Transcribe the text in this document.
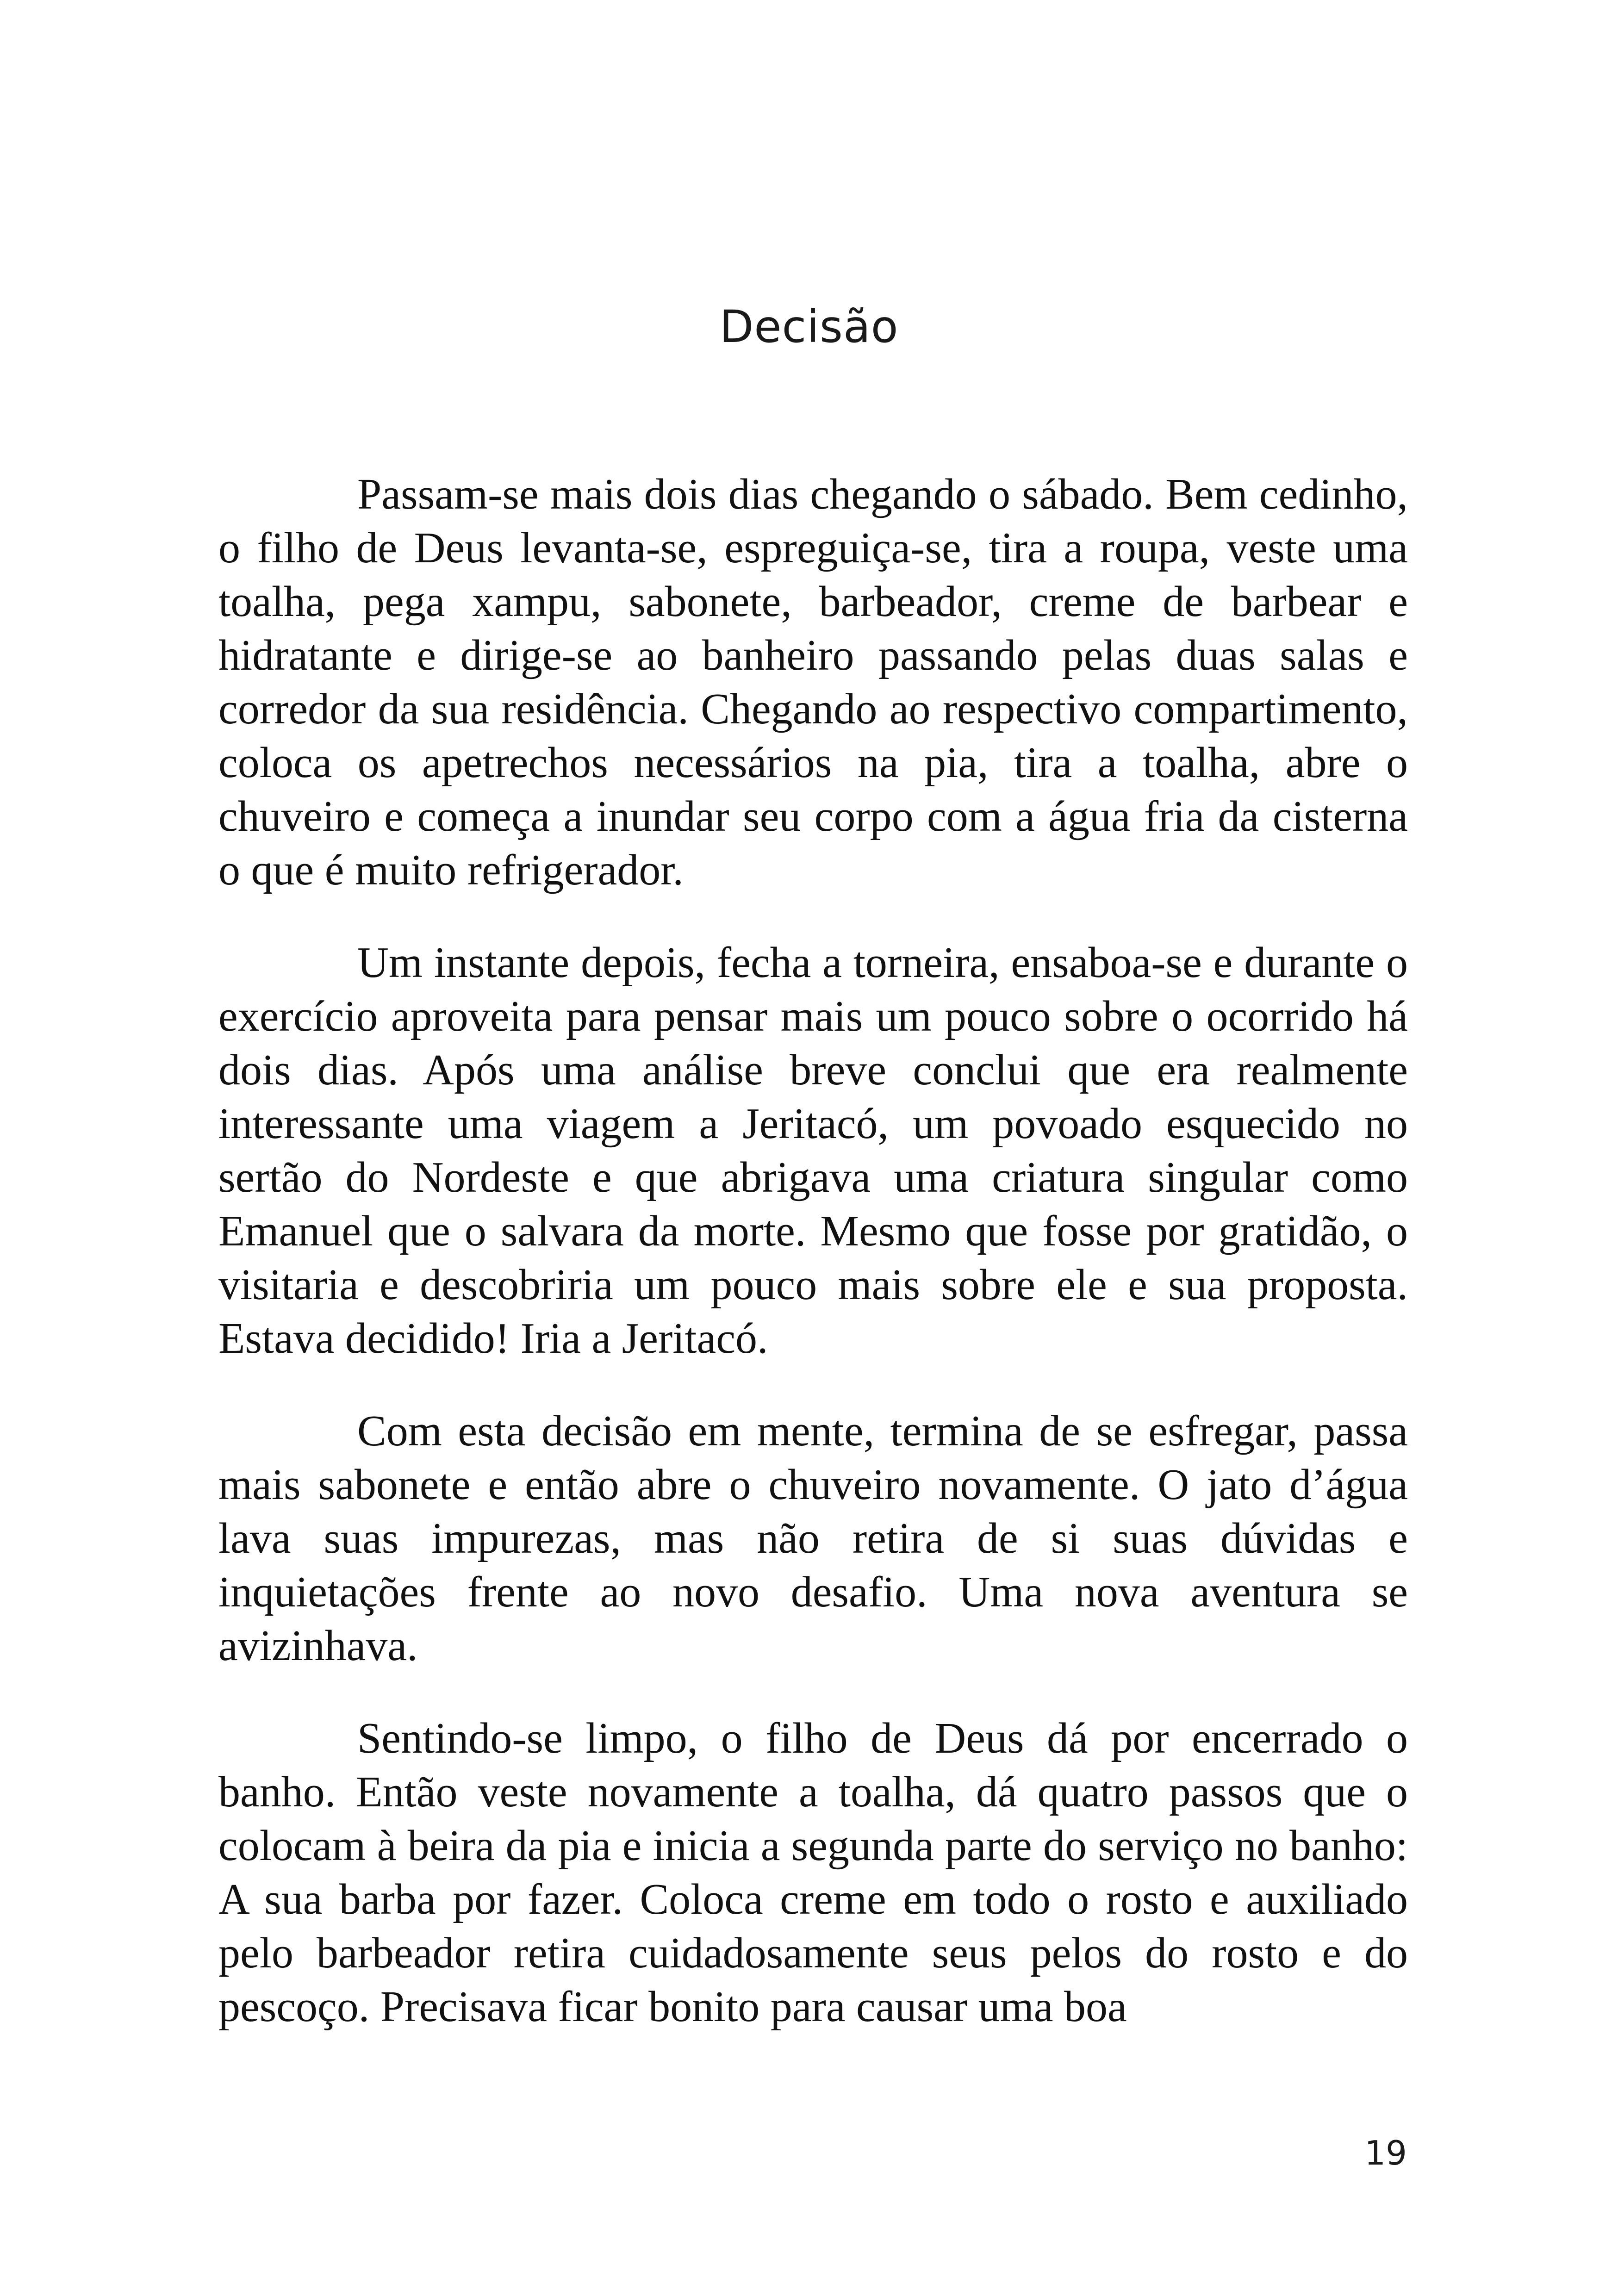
Decisão

Passam-se mais dois dias chegando o sábado. Bem cedinho, o filho de Deus levanta-se, espreguiça-se, tira a roupa, veste uma toalha, pega xampu, sabonete, barbeador, creme de barbear e hidratante e dirige-se ao banheiro passando pelas duas salas e corredor da sua residência. Chegando ao respectivo compartimento, coloca os apetrechos necessários na pia, tira a toalha, abre o chuveiro e começa a inundar seu corpo com a água fria da cisterna o que é muito refrigerador.

Um instante depois, fecha a torneira, ensaboa-se e durante o exercício aproveita para pensar mais um pouco sobre o ocorrido há dois dias. Após uma análise breve conclui que era realmente interessante uma viagem a Jeritacó, um povoado esquecido no sertão do Nordeste e que abrigava uma criatura singular como Emanuel que o salvara da morte. Mesmo que fosse por gratidão, o visitaria e descobriria um pouco mais sobre ele e sua proposta. Estava decidido! Iria a Jeritacó.

Com esta decisão em mente, termina de se esfregar, passa mais sabonete e então abre o chuveiro novamente. O jato d’água lava suas impurezas, mas não retira de si suas dúvidas e inquietações frente ao novo desafio. Uma nova aventura se avizinhava.

Sentindo-se limpo, o filho de Deus dá por encerrado o banho. Então veste novamente a toalha, dá quatro passos que o colocam à beira da pia e inicia a segunda parte do serviço no banho: A sua barba por fazer. Coloca creme em todo o rosto e auxiliado pelo barbeador retira cuidadosamente seus pelos do rosto e do pescoço. Precisava ficar bonito para causar uma boa

19
